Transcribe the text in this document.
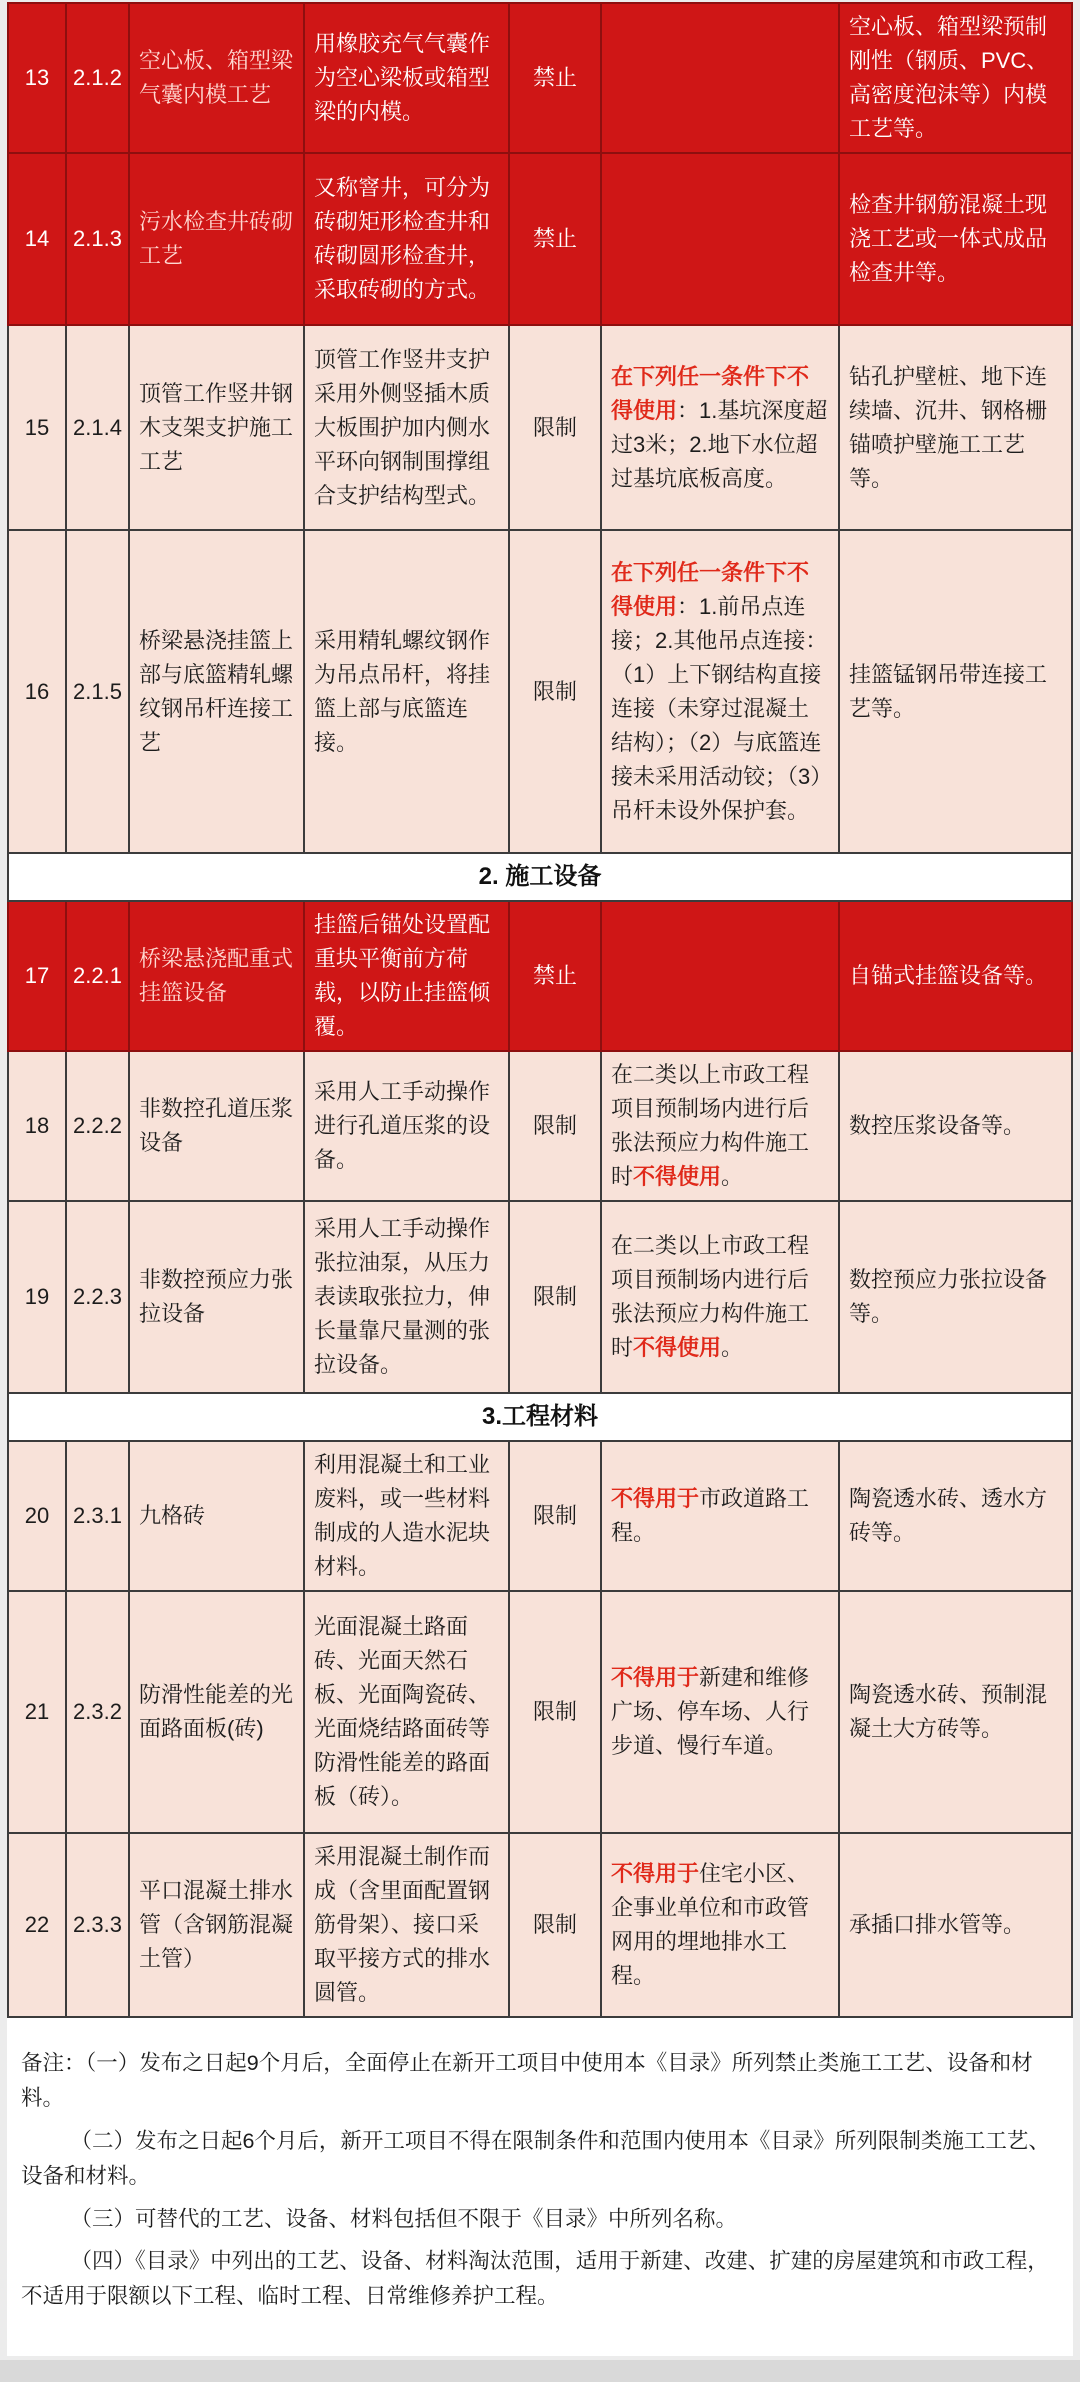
13	2.1.2	空心板、箱型梁气囊内模工艺	用橡胶充气气囊作为空心梁板或箱型梁的内模。	禁止		空心板、箱型梁预制刚性（钢质、PVC、高密度泡沫等）内模工艺等。
14	2.1.3	污水检查井砖砌工艺	又称窨井，可分为砖砌矩形检查井和砖砌圆形检查井，采取砖砌的方式。	禁止		检查井钢筋混凝土现浇工艺或一体式成品检查井等。
15	2.1.4	顶管工作竖井钢木支架支护施工工艺	顶管工作竖井支护采用外侧竖插木质大板围护加内侧水平环向钢制围撑组合支护结构型式。	限制	在下列任一条件下不得使用：1.基坑深度超过3米；2.地下水位超过基坑底板高度。	钻孔护壁桩、地下连续墙、沉井、钢格栅锚喷护壁施工工艺等。
16	2.1.5	桥梁悬浇挂篮上部与底篮精轧螺纹钢吊杆连接工艺	采用精轧螺纹钢作为吊点吊杆，将挂篮上部与底篮连接。	限制	在下列任一条件下不得使用：1.前吊点连接；2.其他吊点连接：（1）上下钢结构直接连接（未穿过混凝土结构）；（2）与底篮连接未采用活动铰；（3）吊杆未设外保护套。	挂篮锰钢吊带连接工艺等。
2. 施工设备						
17	2.2.1	桥梁悬浇配重式挂篮设备	挂篮后锚处设置配重块平衡前方荷载，以防止挂篮倾覆。	禁止		自锚式挂篮设备等。
18	2.2.2	非数控孔道压浆设备	采用人工手动操作进行孔道压浆的设备。	限制	在二类以上市政工程项目预制场内进行后张法预应力构件施工时不得使用。	数控压浆设备等。
19	2.2.3	非数控预应力张拉设备	采用人工手动操作张拉油泵，从压力表读取张拉力，伸长量靠尺量测的张拉设备。	限制	在二类以上市政工程项目预制场内进行后张法预应力构件施工时不得使用。	数控预应力张拉设备等。
3.工程材料						
20	2.3.1	九格砖	利用混凝土和工业废料，或一些材料制成的人造水泥块材料。	限制	不得用于市政道路工程。	陶瓷透水砖、透水方砖等。
21	2.3.2	防滑性能差的光面路面板(砖)	光面混凝土路面砖、光面天然石板、光面陶瓷砖、光面烧结路面砖等防滑性能差的路面板（砖）。	限制	不得用于新建和维修广场、停车场、人行步道、慢行车道。	陶瓷透水砖、预制混凝土大方砖等。
22	2.3.3	平口混凝土排水管（含钢筋混凝土管）	采用混凝土制作而成（含里面配置钢筋骨架）、接口采取平接方式的排水圆管。	限制	不得用于住宅小区、企事业单位和市政管网用的埋地排水工程。	承插口排水管等。

备注：（一）发布之日起9个月后，全面停止在新开工项目中使用本《目录》所列禁止类施工工艺、设备和材料。

（二）发布之日起6个月后，新开工项目不得在限制条件和范围内使用本《目录》所列限制类施工工艺、设备和材料。

（三）可替代的工艺、设备、材料包括但不限于《目录》中所列名称。

（四）《目录》中列出的工艺、设备、材料淘汰范围，适用于新建、改建、扩建的房屋建筑和市政工程，不适用于限额以下工程、临时工程、日常维修养护工程。
